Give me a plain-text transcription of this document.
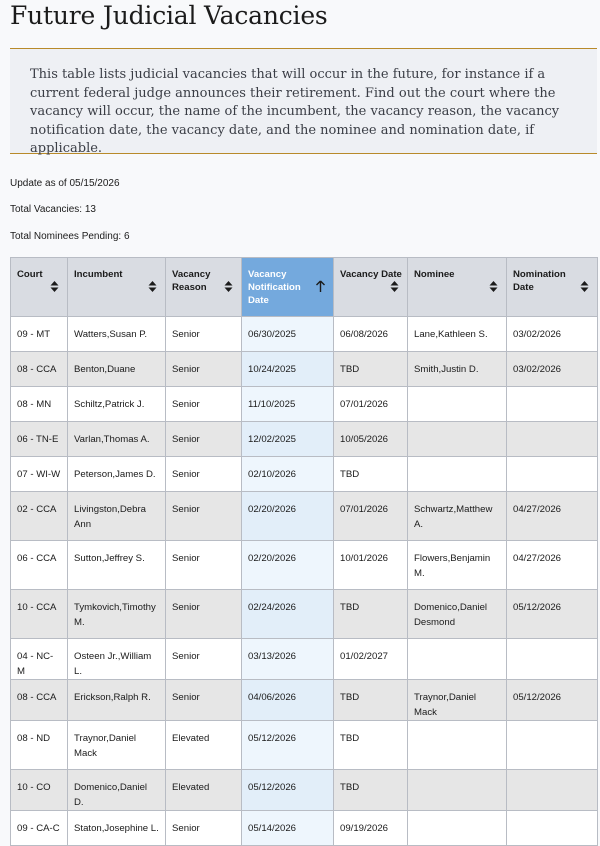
Future Judicial Vacancies

This table lists judicial vacancies that will occur in the future, for instance if a current federal judge announces their retirement. Find out the court where the vacancy will occur, the name of the incumbent, the vacancy reason, the vacancy notification date, the vacancy date, and the nominee and nomination date, if applicable.

Update as of 05/15/2026
Total Vacancies: 13
Total Nominees Pending: 6
Court	Incumbent	Vacancy Reason	Vacancy Notification Date	Vacancy Date	Nominee	Nomination Date

09 - MT	Watters,Susan P.	Senior	06/30/2025	06/08/2026	Lane,Kathleen S.	03/02/2026
08 - CCA	Benton,Duane	Senior	10/24/2025	TBD	Smith,Justin D.	03/02/2026
08 - MN	Schiltz,Patrick J.	Senior	11/10/2025	07/01/2026		
06 - TN-E	Varlan,Thomas A.	Senior	12/02/2025	10/05/2026		
07 - WI-W	Peterson,James D.	Senior	02/10/2026	TBD		
02 - CCA	Livingston,Debra Ann	Senior	02/20/2026	07/01/2026	Schwartz,Matthew A.	04/27/2026
06 - CCA	Sutton,Jeffrey S.	Senior	02/20/2026	10/01/2026	Flowers,Benjamin M.	04/27/2026
10 - CCA	Tymkovich,Timothy M.	Senior	02/24/2026	TBD	Domenico,Daniel Desmond	05/12/2026
04 - NC-M	Osteen Jr.,William L.	Senior	03/13/2026	01/02/2027		
08 - CCA	Erickson,Ralph R.	Senior	04/06/2026	TBD	Traynor,Daniel Mack	05/12/2026
08 - ND	Traynor,Daniel Mack	Elevated	05/12/2026	TBD		
10 - CO	Domenico,Daniel D.	Elevated	05/12/2026	TBD		
09 - CA-C	Staton,Josephine L.	Senior	05/14/2026	09/19/2026		
